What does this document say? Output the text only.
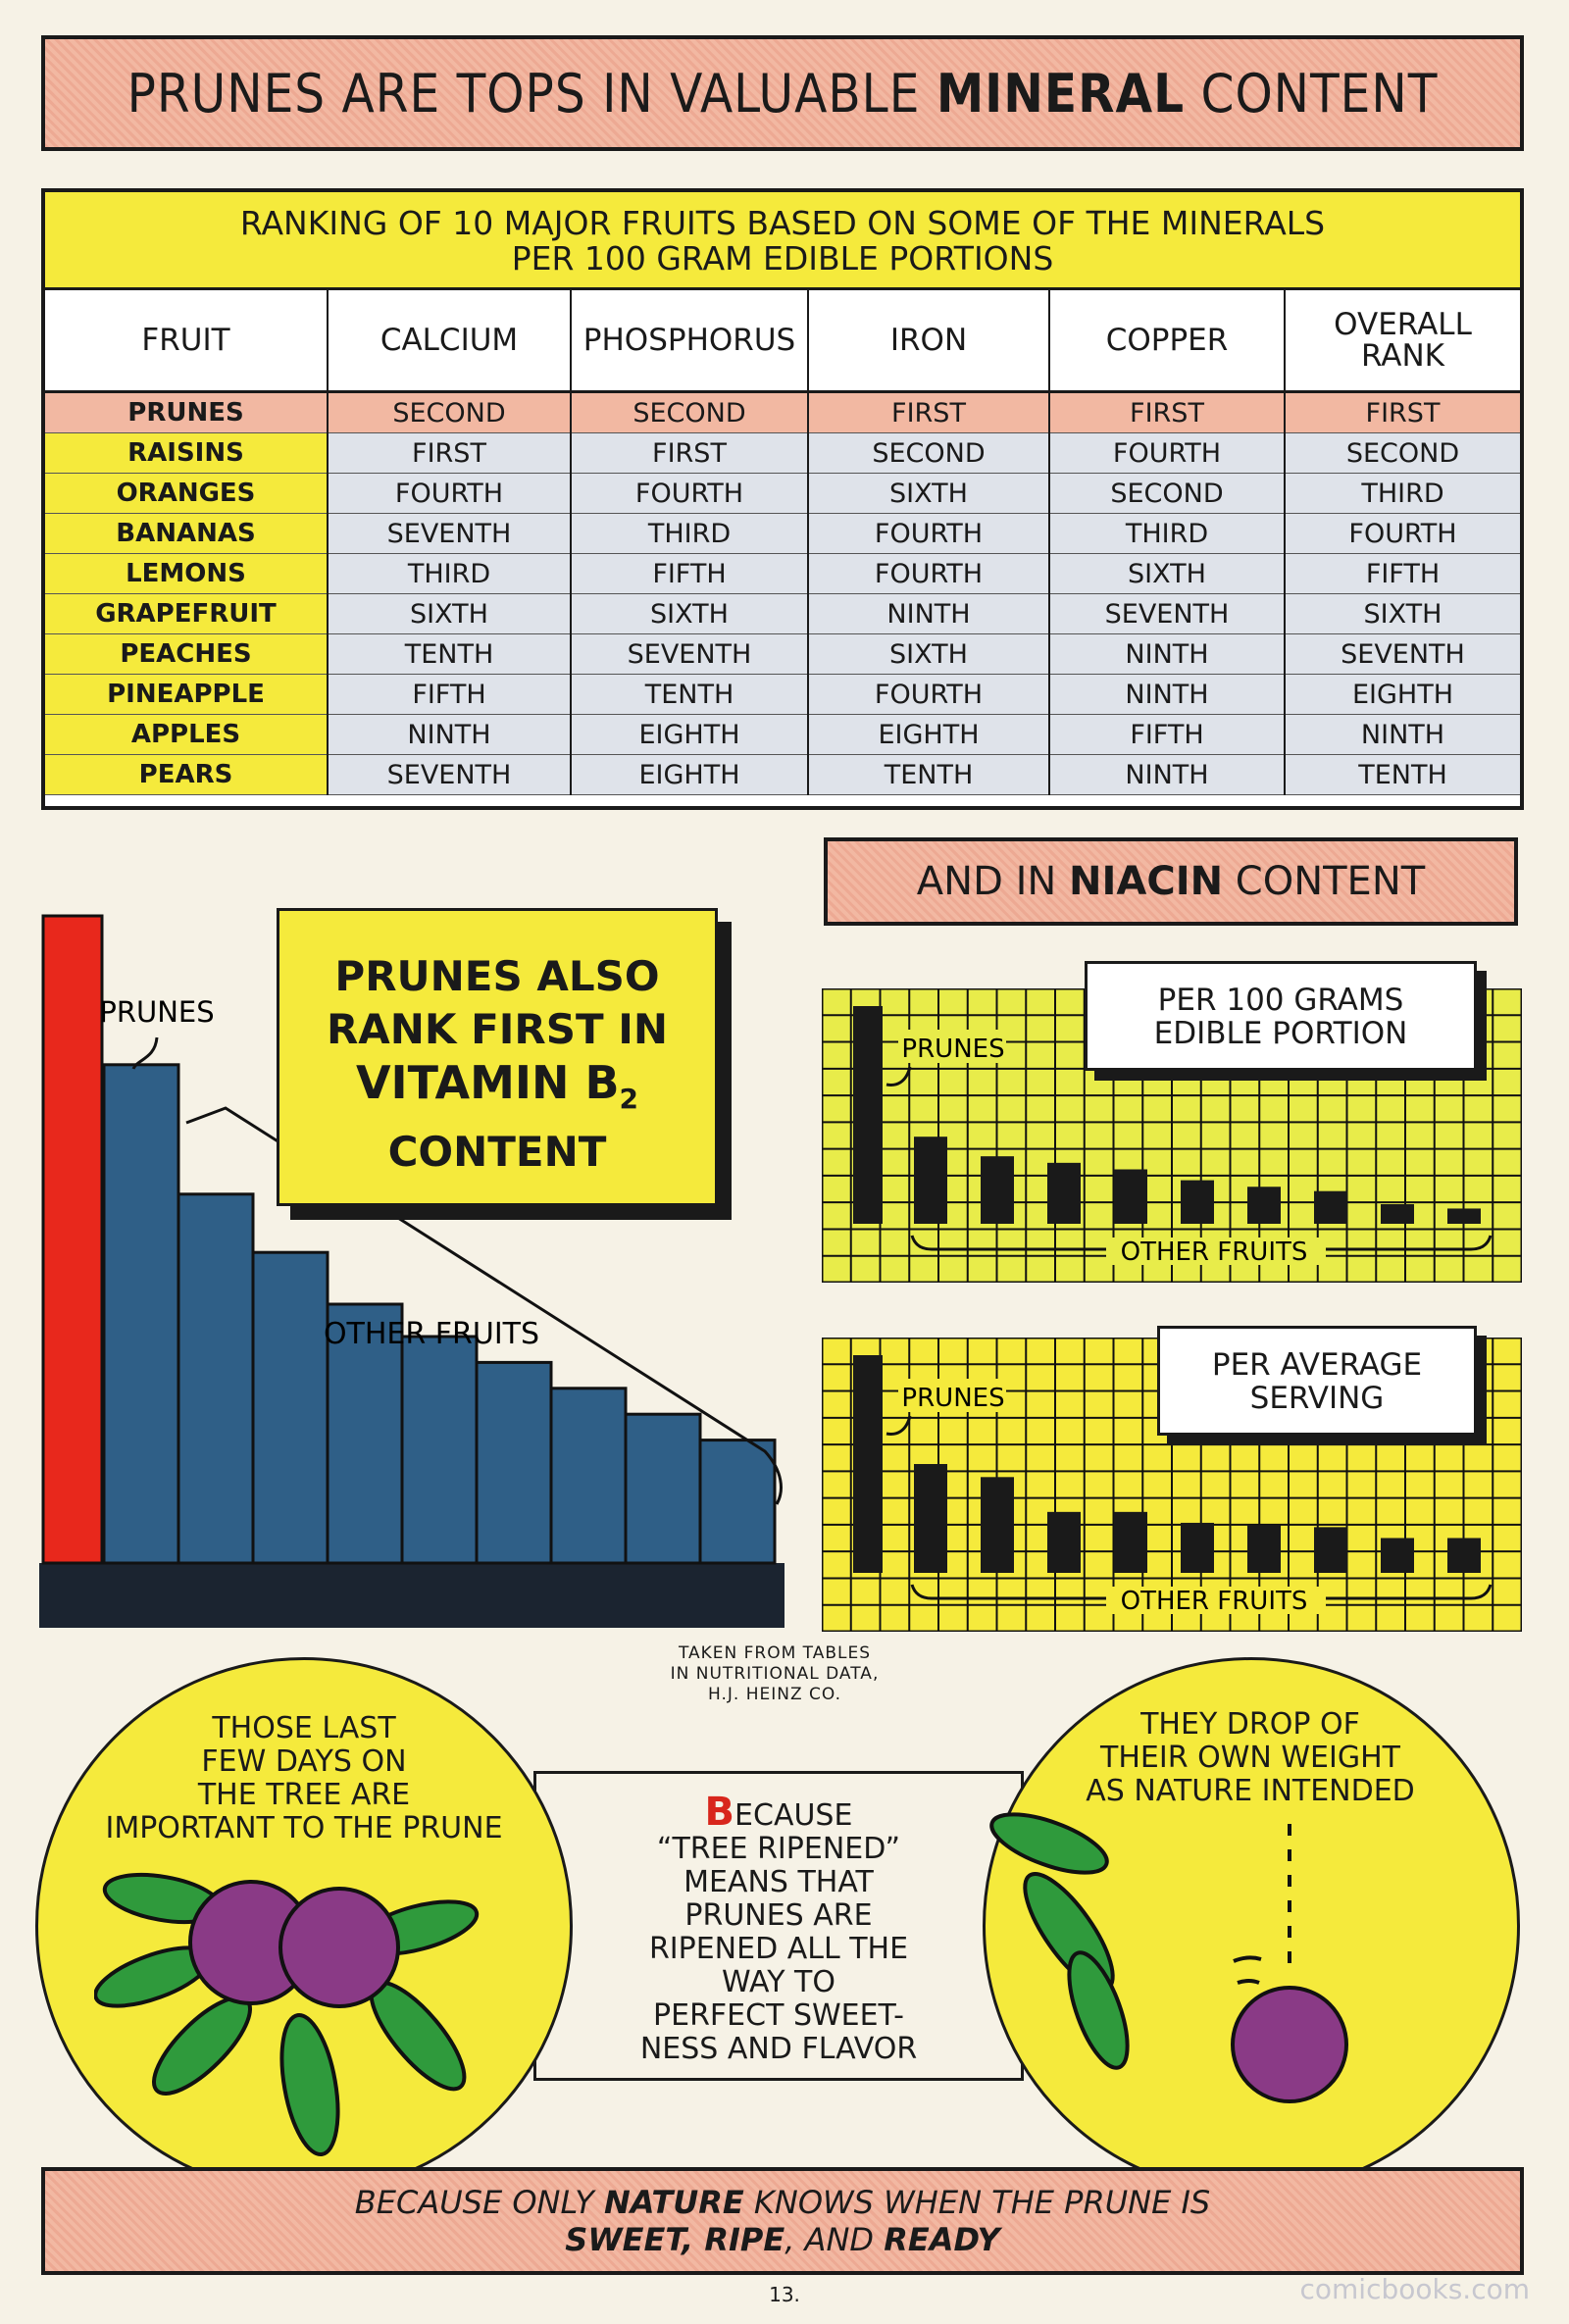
PRUNES ARE TOPS IN VALUABLE MINERAL CONTENT
RANKING OF 10 MAJOR FRUITS BASED ON SOME OF THE MINERALS
PER 100 GRAM EDIBLE PORTIONS
FRUIT	CALCIUM	PHOSPHORUS	IRON	COPPER	OVERALL RANK
PRUNES	SECOND	SECOND	FIRST	FIRST	FIRST
RAISINS	FIRST	FIRST	SECOND	FOURTH	SECOND
ORANGES	FOURTH	FOURTH	SIXTH	SECOND	THIRD
BANANAS	SEVENTH	THIRD	FOURTH	THIRD	FOURTH
LEMONS	THIRD	FIFTH	FOURTH	SIXTH	FIFTH
GRAPEFRUIT	SIXTH	SIXTH	NINTH	SEVENTH	SIXTH
PEACHES	TENTH	SEVENTH	SIXTH	NINTH	SEVENTH
PINEAPPLE	FIFTH	TENTH	FOURTH	NINTH	EIGHTH
APPLES	NINTH	EIGHTH	EIGHTH	FIFTH	NINTH
PEARS	SEVENTH	EIGHTH	TENTH	NINTH	TENTH
AND IN NIACIN CONTENT
PRUNES
OTHER FRUITS
PRUNES ALSO
RANK FIRST IN
VITAMIN $B_2$
CONTENT
PRUNES
OTHER FRUITS
PRUNES
OTHER FRUITS
PER 100 GRAMS EDIBLE PORTION
PER AVERAGE SERVING
TAKEN FROM TABLES
IN NUTRITIONAL DATA,
H.J. HEINZ CO.
BECAUSE
“TREE RIPENED”
MEANS THAT
PRUNES ARE
RIPENED ALL THE
WAY TO
PERFECT SWEET-
NESS AND FLAVOR
THOSE LAST
FEW DAYS ON
THE TREE ARE
IMPORTANT TO THE PRUNE
THEY DROP OF
THEIR OWN WEIGHT
AS NATURE INTENDED
BECAUSE ONLY NATURE KNOWS WHEN THE PRUNE IS
SWEET, RIPE, AND READY
13.	comicbooks.com
